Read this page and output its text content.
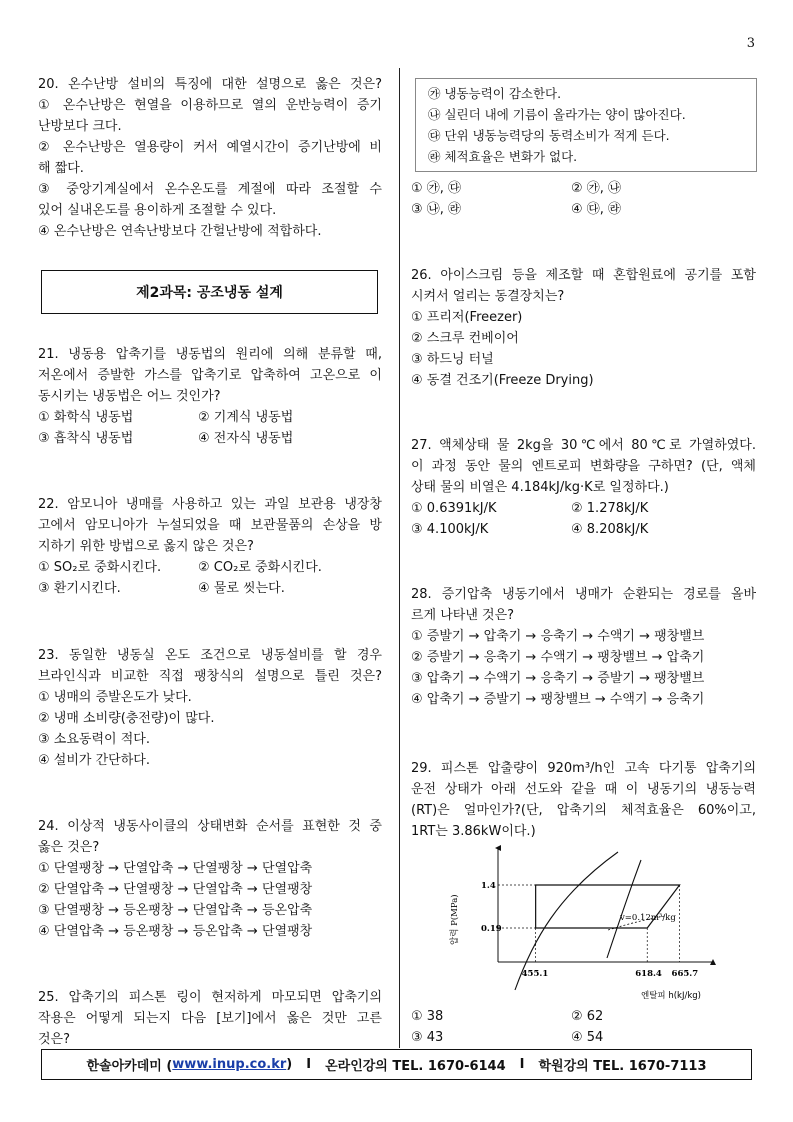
3
20. 온수난방 설비의 특징에 대한 설명으로 옳은 것은?
① 온수난방은 현열을 이용하므로 열의 운반능력이 증기
난방보다 크다.
② 온수난방은 열용량이 커서 예열시간이 증기난방에 비
해 짧다.
③ 중앙기계실에서 온수온도를 계절에 따라 조절할 수
있어 실내온도를 용이하게 조절할 수 있다.
④ 온수난방은 연속난방보다 간헐난방에 적합하다.
제2과목: 공조냉동 설계
21. 냉동용 압축기를 냉동법의 원리에 의해 분류할 때,
저온에서 증발한 가스를 압축기로 압축하여 고온으로 이
동시키는 냉동법은 어느 것인가?
① 화학식 냉동법	② 기계식 냉동법
③ 흡착식 냉동법	④ 전자식 냉동법
22. 암모니아 냉매를 사용하고 있는 과일 보관용 냉장창
고에서 암모니아가 누설되었을 때 보관물품의 손상을 방
지하기 위한 방법으로 옳지 않은 것은?
① SO₂로 중화시킨다.	② CO₂로 중화시킨다.
③ 환기시킨다.	④ 물로 씻는다.
23. 동일한 냉동실 온도 조건으로 냉동설비를 할 경우
브라인식과 비교한 직접 팽창식의 설명으로 틀린 것은?
① 냉매의 증발온도가 낮다.
② 냉매 소비량(충전량)이 많다.
③ 소요동력이 적다.
④ 설비가 간단하다.
24. 이상적 냉동사이클의 상태변화 순서를 표현한 것 중
옳은 것은?
① 단열팽창 → 단열압축 → 단열팽창 → 단열압축
② 단열압축 → 단열팽창 → 단열압축 → 단열팽창
③ 단열팽창 → 등온팽창 → 단열압축 → 등온압축
④ 단열압축 → 등온팽창 → 등온압축 → 단열팽창
25. 압축기의 피스톤 링이 현저하게 마모되면 압축기의
작용은 어떻게 되는지 다음 [보기]에서 옳은 것만 고른
것은?
㉮ 냉동능력이 감소한다.
㉯ 실린더 내에 기름이 올라가는 양이 많아진다.
㉰ 단위 냉동능력당의 동력소비가 적게 든다.
㉱ 체적효율은 변화가 없다.
① ㉮, ㉰	② ㉮, ㉯
③ ㉯, ㉱	④ ㉰, ㉱
26. 아이스크림 등을 제조할 때 혼합원료에 공기를 포함
시켜서 얼리는 동결장치는?
① 프리저(Freezer)
② 스크루 컨베이어
③ 하드닝 터널
④ 동결 건조기(Freeze Drying)
27. 액체상태 물 2kg을 30℃에서 80℃로 가열하였다.
이 과정 동안 물의 엔트로피 변화량을 구하면? (단, 액체
상태 물의 비열은 4.184kJ/kg·K로 일정하다.)
① 0.6391kJ/K	② 1.278kJ/K
③ 4.100kJ/K	④ 8.208kJ/K
28. 증기압축 냉동기에서 냉매가 순환되는 경로를 올바
르게 나타낸 것은?
① 증발기 → 압축기 → 응축기 → 수액기 → 팽창밸브
② 증발기 → 응축기 → 수액기 → 팽창밸브 → 압축기
③ 압축기 → 수액기 → 응축기 → 증발기 → 팽창밸브
④ 압축기 → 증발기 → 팽창밸브 → 수액기 → 응축기
29. 피스톤 압출량이 920m³/h인 고속 다기통 압축기의
운전 상태가 아래 선도와 같을 때 이 냉동기의 냉동능력
(RT)은 얼마인가?(단, 압축기의 체적효율은 60%이고,
1RT는 3.86kW이다.)
① 38	② 62
③ 43	④ 54
1.4
0.19
455.1	618.4 665.7
압력 P(MPa)
엔탈피 h(kJ/kg)
v=0.12m³/kg
한솔아카데미 ( www.inup.co.kr ) I 온라인강의 TEL. 1670-6144 I 학원강의 TEL. 1670-7113
